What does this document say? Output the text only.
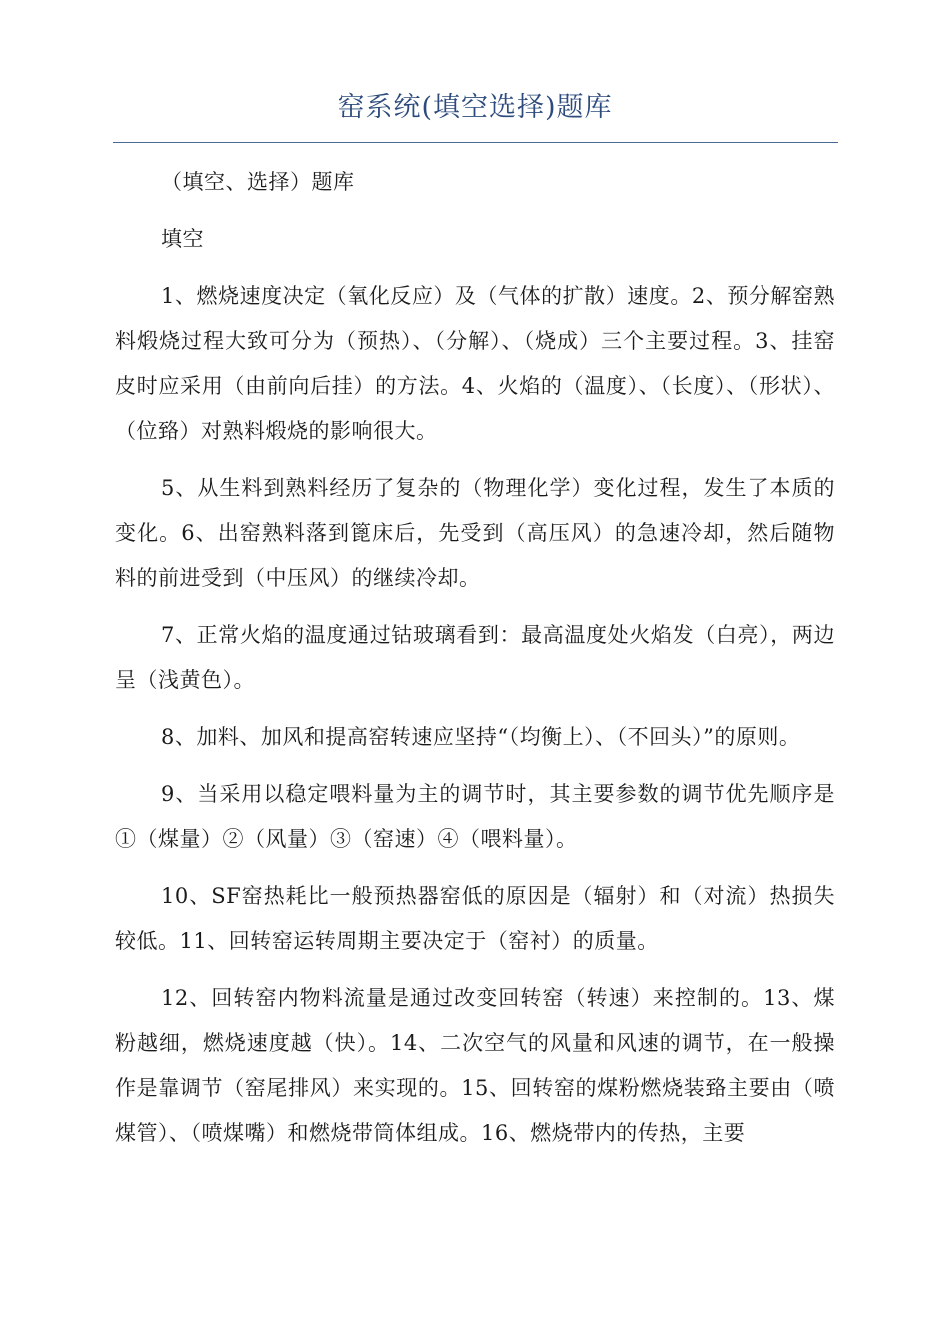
窑系统(填空选择)题库

（填空、选择）题库

填空

1、燃烧速度决定（氧化反应）及（气体的扩散）速度。2、预分解窑熟料煅烧过程大致可分为（预热）、（分解）、（烧成）三个主要过程。3、挂窑皮时应采用（由前向后挂）的方法。4、火焰的（温度）、（长度）、（形状）、（位臵）对熟料煅烧的影响很大。

5、从生料到熟料经历了复杂的（物理化学）变化过程，发生了本质的变化。6、出窑熟料落到篦床后，先受到（高压风）的急速冷却，然后随物料的前进受到（中压风）的继续冷却。

7、正常火焰的温度通过钴玻璃看到：最高温度处火焰发（白亮），两边呈（浅黄色）。

8、加料、加风和提高窑转速应坚持“（均衡上）、（不回头）”的原则。

9、当采用以稳定喂料量为主的调节时，其主要参数的调节优先顺序是①（煤量）②（风量）③（窑速）④（喂料量）。

10、SF窑热耗比一般预热器窑低的原因是（辐射）和（对流）热损失较低。11、回转窑运转周期主要决定于（窑衬）的质量。

12、回转窑内物料流量是通过改变回转窑（转速）来控制的。13、煤粉越细，燃烧速度越（快）。14、二次空气的风量和风速的调节，在一般操作是靠调节（窑尾排风）来实现的。15、回转窑的煤粉燃烧装臵主要由（喷煤管）、（喷煤嘴）和燃烧带筒体组成。16、燃烧带内的传热，主要
